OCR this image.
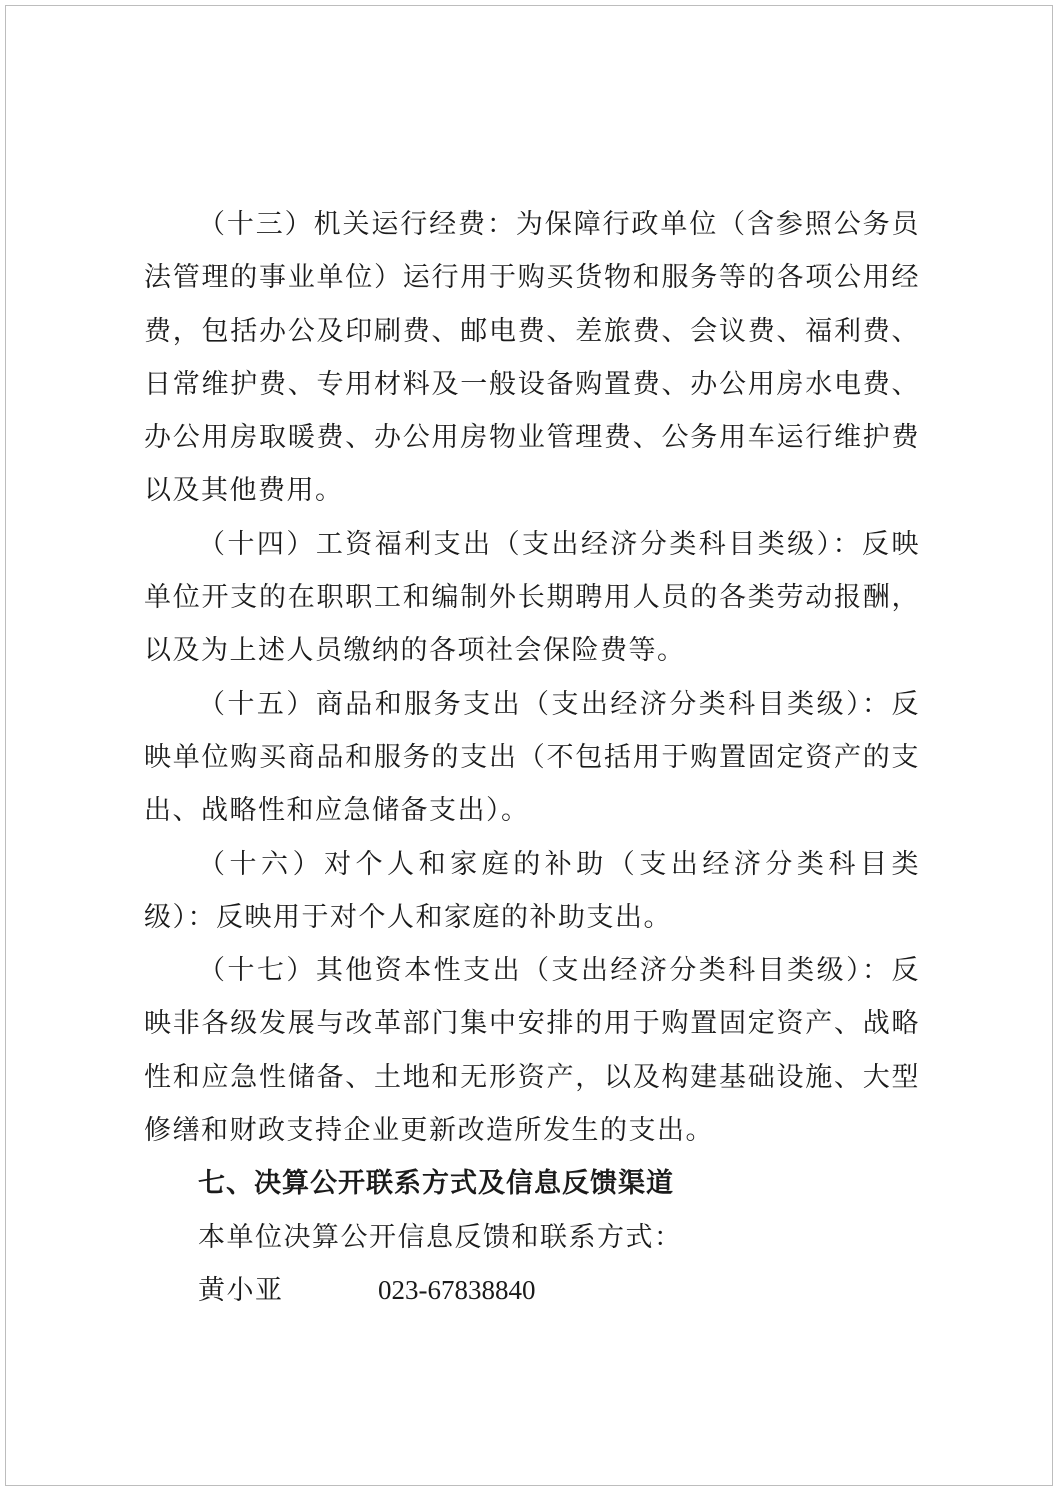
（十三）机关运行经费：为保障行政单位（含参照公务员法管理的事业单位）运行用于购买货物和服务等的各项公用经费，包括办公及印刷费、邮电费、差旅费、会议费、福利费、日常维护费、专用材料及一般设备购置费、办公用房水电费、办公用房取暖费、办公用房物业管理费、公务用车运行维护费以及其他费用。

（十四）工资福利支出（支出经济分类科目类级）：反映单位开支的在职职工和编制外长期聘用人员的各类劳动报酬，以及为上述人员缴纳的各项社会保险费等。

（十五）商品和服务支出（支出经济分类科目类级）：反映单位购买商品和服务的支出（不包括用于购置固定资产的支出、战略性和应急储备支出）。

（十六）对个人和家庭的补助（支出经济分类科目类级）：反映用于对个人和家庭的补助支出。

（十七）其他资本性支出（支出经济分类科目类级）：反映非各级发展与改革部门集中安排的用于购置固定资产、战略性和应急性储备、土地和无形资产，以及构建基础设施、大型修缮和财政支持企业更新改造所发生的支出。

七、决算公开联系方式及信息反馈渠道

本单位决算公开信息反馈和联系方式：

黄小亚	023-67838840
